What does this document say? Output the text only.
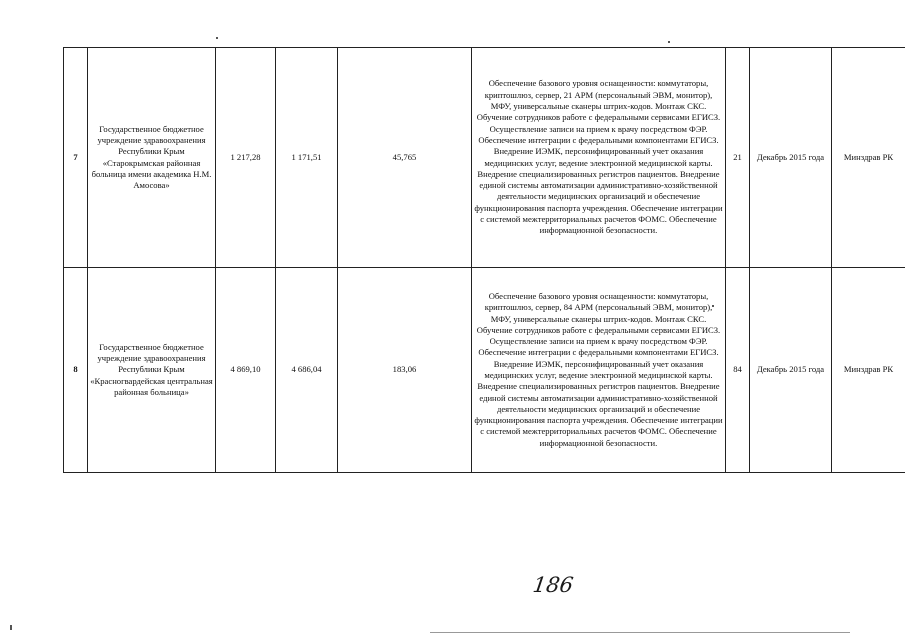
7	Государственное бюджетное учреждение здравоохранения Республики Крым «Старокрымская районная больница имени академика Н.М. Амосова»	1 217,28	1 171,51	45,765	Обеспечение базового уровня оснащенности: коммутаторы, криптошлюз, сервер, 21 АРМ (персональный ЭВМ, монитор), МФУ, универсальные сканеры штрих-кодов. Монтаж СКС. Обучение сотрудников работе с федеральными сервисами ЕГИСЗ. Осуществление записи на прием к врачу посредством ФЭР. Обеспечение интеграции с федеральными компонентами ЕГИСЗ. Внедрение ИЭМК, персонифицированный учет оказания медицинских услуг, ведение электронной медицинской карты. Внедрение специализированных регистров пациентов. Внедрение единой системы автоматизации административно-хозяйственной деятельности медицинских организаций и обеспечение функционирования паспорта учреждения. Обеспечение интеграции с системой межтерриториальных расчетов ФОМС. Обеспечение информационной безопасности.	21	Декабрь 2015 года	Минздрав РК
8	Государственное бюджетное учреждение здравоохранения Республики Крым «Красногвардейская центральная районная больница»	4 869,10	4 686,04	183,06	Обеспечение базового уровня оснащенности: коммутаторы, криптошлюз, сервер, 84 АРМ (персональный ЭВМ, монитор), МФУ, универсальные сканеры штрих-кодов. Монтаж СКС. Обучение сотрудников работе с федеральными сервисами ЕГИСЗ. Осуществление записи на прием к врачу посредством ФЭР. Обеспечение интеграции с федеральными компонентами ЕГИСЗ. Внедрение ИЭМК, персонифицированный учет оказания медицинских услуг, ведение электронной медицинской карты. Внедрение специализированных регистров пациентов. Внедрение единой системы автоматизации административно-хозяйственной деятельности медицинских организаций и обеспечение функционирования паспорта учреждения. Обеспечение интеграции с системой межтерриториальных расчетов ФОМС. Обеспечение информационной безопасности.	84	Декабрь 2015 года	Минздрав РК
186
